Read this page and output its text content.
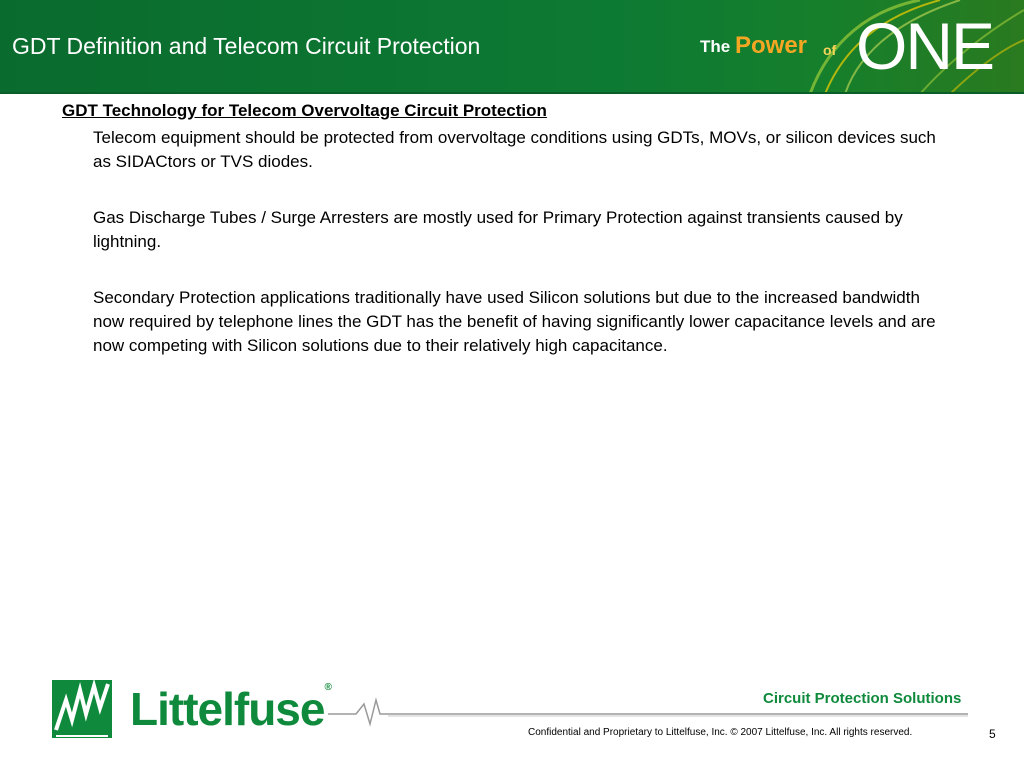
GDT Definition and Telecom Circuit Protection	The Power of ONE
GDT Technology for Telecom Overvoltage Circuit Protection

Telecom equipment should be protected from overvoltage conditions using GDTs, MOVs, or silicon devices such as SIDACtors or TVS diodes.

Gas Discharge Tubes / Surge Arresters are mostly used for Primary Protection against transients caused by lightning.

Secondary Protection applications traditionally have used Silicon solutions but due to the increased bandwidth now required by telephone lines the GDT has the benefit of having significantly lower capacitance levels and are now competing with Silicon solutions due to their relatively high capacitance.

Littelfuse®
Circuit Protection Solutions
Confidential and Proprietary to Littelfuse, Inc. © 2007 Littelfuse, Inc. All rights reserved.	5
